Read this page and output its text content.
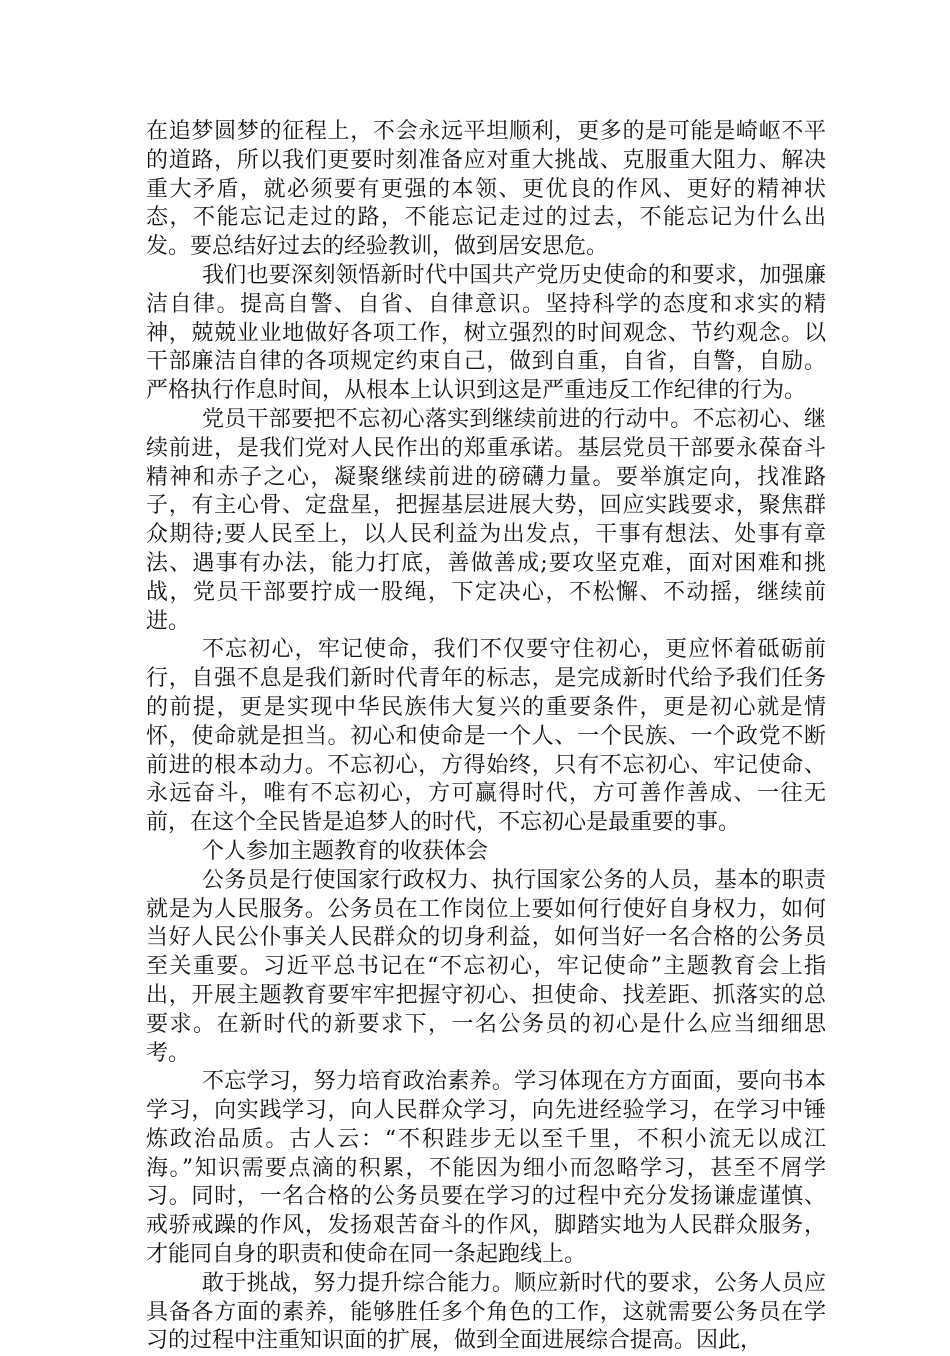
在追梦圆梦的征程上，不会永远平坦顺利，更多的是可能是崎岖不平的道路，所以我们更要时刻准备应对重大挑战、克服重大阻力、解决重大矛盾，就必须要有更强的本领、更优良的作风、更好的精神状态，不能忘记走过的路，不能忘记走过的过去，不能忘记为什么出发。要总结好过去的经验教训，做到居安思危。

我们也要深刻领悟新时代中国共产党历史使命的和要求，加强廉洁自律。提高自警、自省、自律意识。坚持科学的态度和求实的精神，兢兢业业地做好各项工作，树立强烈的时间观念、节约观念。以干部廉洁自律的各项规定约束自己，做到自重，自省，自警，自励。严格执行作息时间，从根本上认识到这是严重违反工作纪律的行为。

党员干部要把不忘初心落实到继续前进的行动中。不忘初心、继续前进，是我们党对人民作出的郑重承诺。基层党员干部要永葆奋斗精神和赤子之心，凝聚继续前进的磅礴力量。要举旗定向，找准路子，有主心骨、定盘星，把握基层进展大势，回应实践要求，聚焦群众期待;要人民至上，以人民利益为出发点，干事有想法、处事有章法、遇事有办法，能力打底，善做善成;要攻坚克难，面对困难和挑战，党员干部要拧成一股绳，下定决心，不松懈、不动摇，继续前进。

不忘初心，牢记使命，我们不仅要守住初心，更应怀着砥砺前行，自强不息是我们新时代青年的标志，是完成新时代给予我们任务的前提，更是实现中华民族伟大复兴的重要条件，更是初心就是情怀，使命就是担当。初心和使命是一个人、一个民族、一个政党不断前进的根本动力。不忘初心，方得始终，只有不忘初心、牢记使命、永远奋斗，唯有不忘初心，方可赢得时代，方可善作善成、一往无前，在这个全民皆是追梦人的时代，不忘初心是最重要的事。

个人参加主题教育的收获体会

公务员是行使国家行政权力、执行国家公务的人员，基本的职责就是为人民服务。公务员在工作岗位上要如何行使好自身权力，如何当好人民公仆事关人民群众的切身利益，如何当好一名合格的公务员至关重要。习近平总书记在“不忘初心，牢记使命”主题教育会上指出，开展主题教育要牢牢把握守初心、担使命、找差距、抓落实的总要求。在新时代的新要求下，一名公务员的初心是什么应当细细思考。

不忘学习，努力培育政治素养。学习体现在方方面面，要向书本学习，向实践学习，向人民群众学习，向先进经验学习，在学习中锤炼政治品质。古人云：“不积跬步无以至千里，不积小流无以成江海。”知识需要点滴的积累，不能因为细小而忽略学习，甚至不屑学习。同时，一名合格的公务员要在学习的过程中充分发扬谦虚谨慎、戒骄戒躁的作风，发扬艰苦奋斗的作风，脚踏实地为人民群众服务，才能同自身的职责和使命在同一条起跑线上。

敢于挑战，努力提升综合能力。顺应新时代的要求，公务人员应具备各方面的素养，能够胜任多个角色的工作，这就需要公务员在学习的过程中注重知识面的扩展，做到全面进展综合提高。因此，
